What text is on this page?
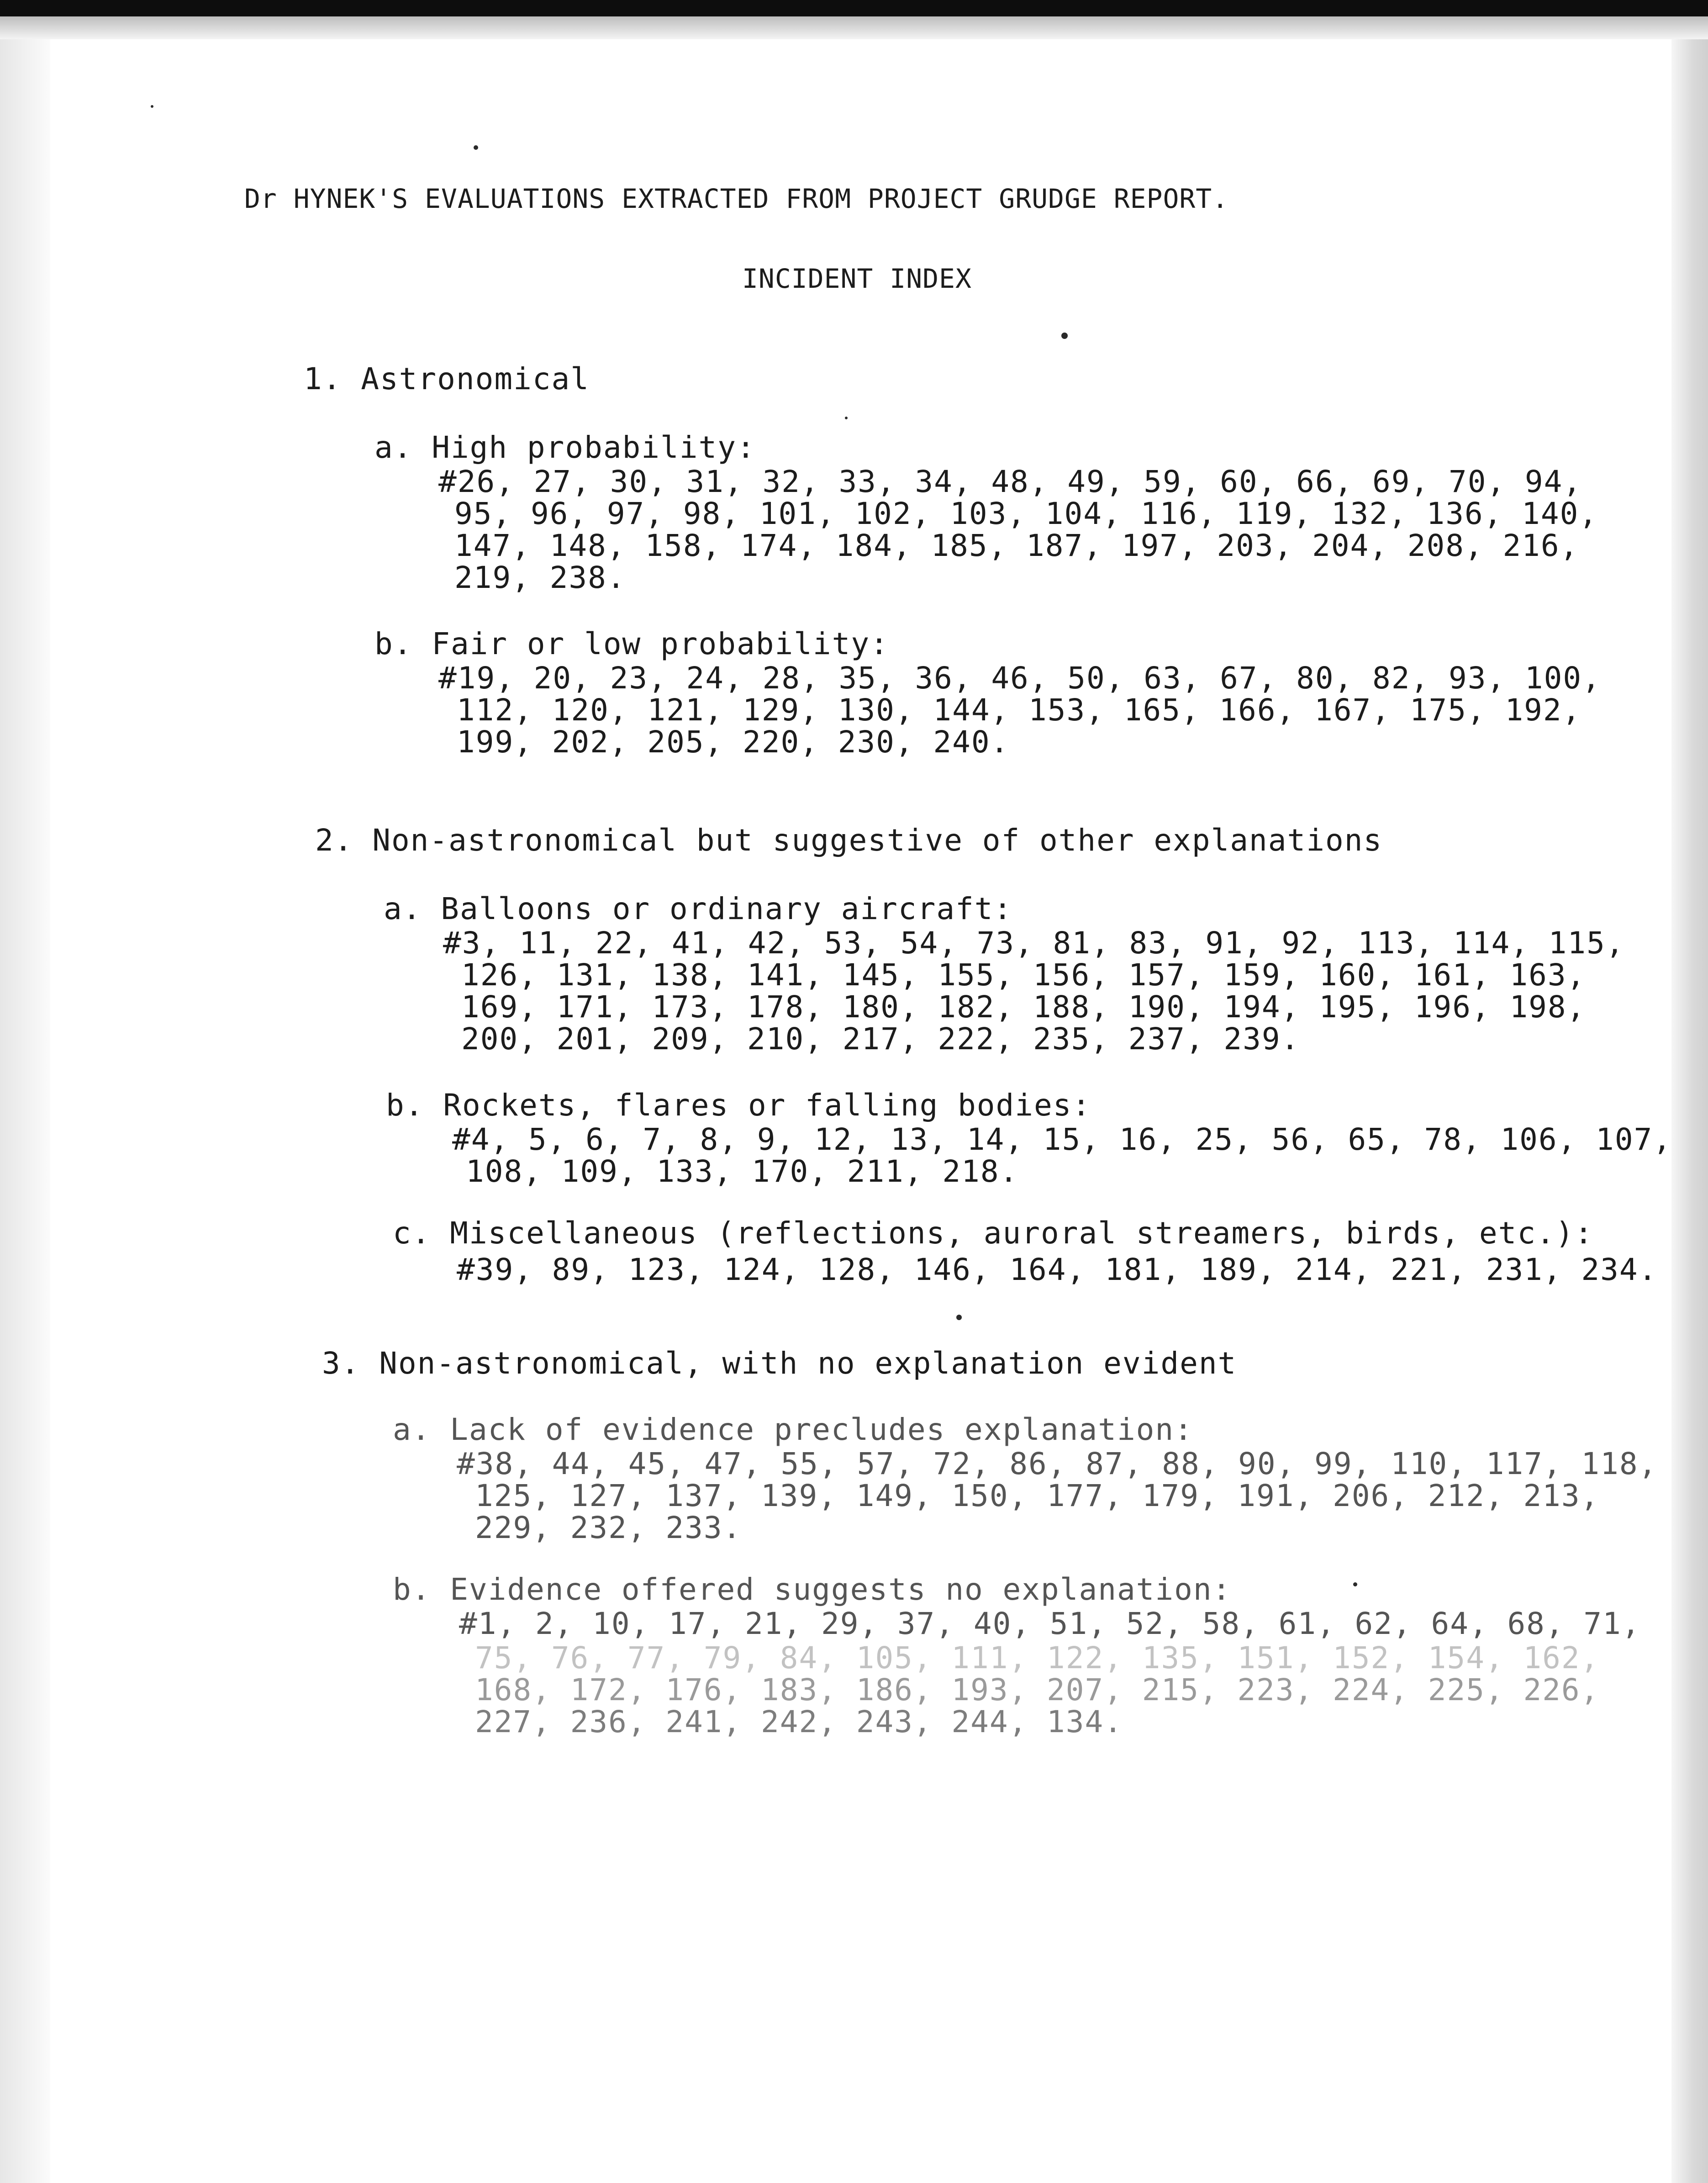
Dr HYNEK'S EVALUATIONS EXTRACTED FROM PROJECT GRUDGE REPORT.
INCIDENT INDEX
1. Astronomical
a. High probability:
#26, 27, 30, 31, 32, 33, 34, 48, 49, 59, 60, 66, 69, 70, 94,
95, 96, 97, 98, 101, 102, 103, 104, 116, 119, 132, 136, 140,
147, 148, 158, 174, 184, 185, 187, 197, 203, 204, 208, 216,
219, 238.
b. Fair or low probability:
#19, 20, 23, 24, 28, 35, 36, 46, 50, 63, 67, 80, 82, 93, 100,
112, 120, 121, 129, 130, 144, 153, 165, 166, 167, 175, 192,
199, 202, 205, 220, 230, 240.
2. Non-astronomical but suggestive of other explanations
a. Balloons or ordinary aircraft:
#3, 11, 22, 41, 42, 53, 54, 73, 81, 83, 91, 92, 113, 114, 115,
126, 131, 138, 141, 145, 155, 156, 157, 159, 160, 161, 163,
169, 171, 173, 178, 180, 182, 188, 190, 194, 195, 196, 198,
200, 201, 209, 210, 217, 222, 235, 237, 239.
b. Rockets, flares or falling bodies:
#4, 5, 6, 7, 8, 9, 12, 13, 14, 15, 16, 25, 56, 65, 78, 106, 107,
108, 109, 133, 170, 211, 218.
c. Miscellaneous (reflections, auroral streamers, birds, etc.):
#39, 89, 123, 124, 128, 146, 164, 181, 189, 214, 221, 231, 234.
3. Non-astronomical, with no explanation evident
a. Lack of evidence precludes explanation:
#38, 44, 45, 47, 55, 57, 72, 86, 87, 88, 90, 99, 110, 117, 118,
125, 127, 137, 139, 149, 150, 177, 179, 191, 206, 212, 213,
229, 232, 233.
b. Evidence offered suggests no explanation:
#1, 2, 10, 17, 21, 29, 37, 40, 51, 52, 58, 61, 62, 64, 68, 71,
75, 76, 77, 79, 84, 105, 111, 122, 135, 151, 152, 154, 162,
168, 172, 176, 183, 186, 193, 207, 215, 223, 224, 225, 226,
227, 236, 241, 242, 243, 244, 134.
